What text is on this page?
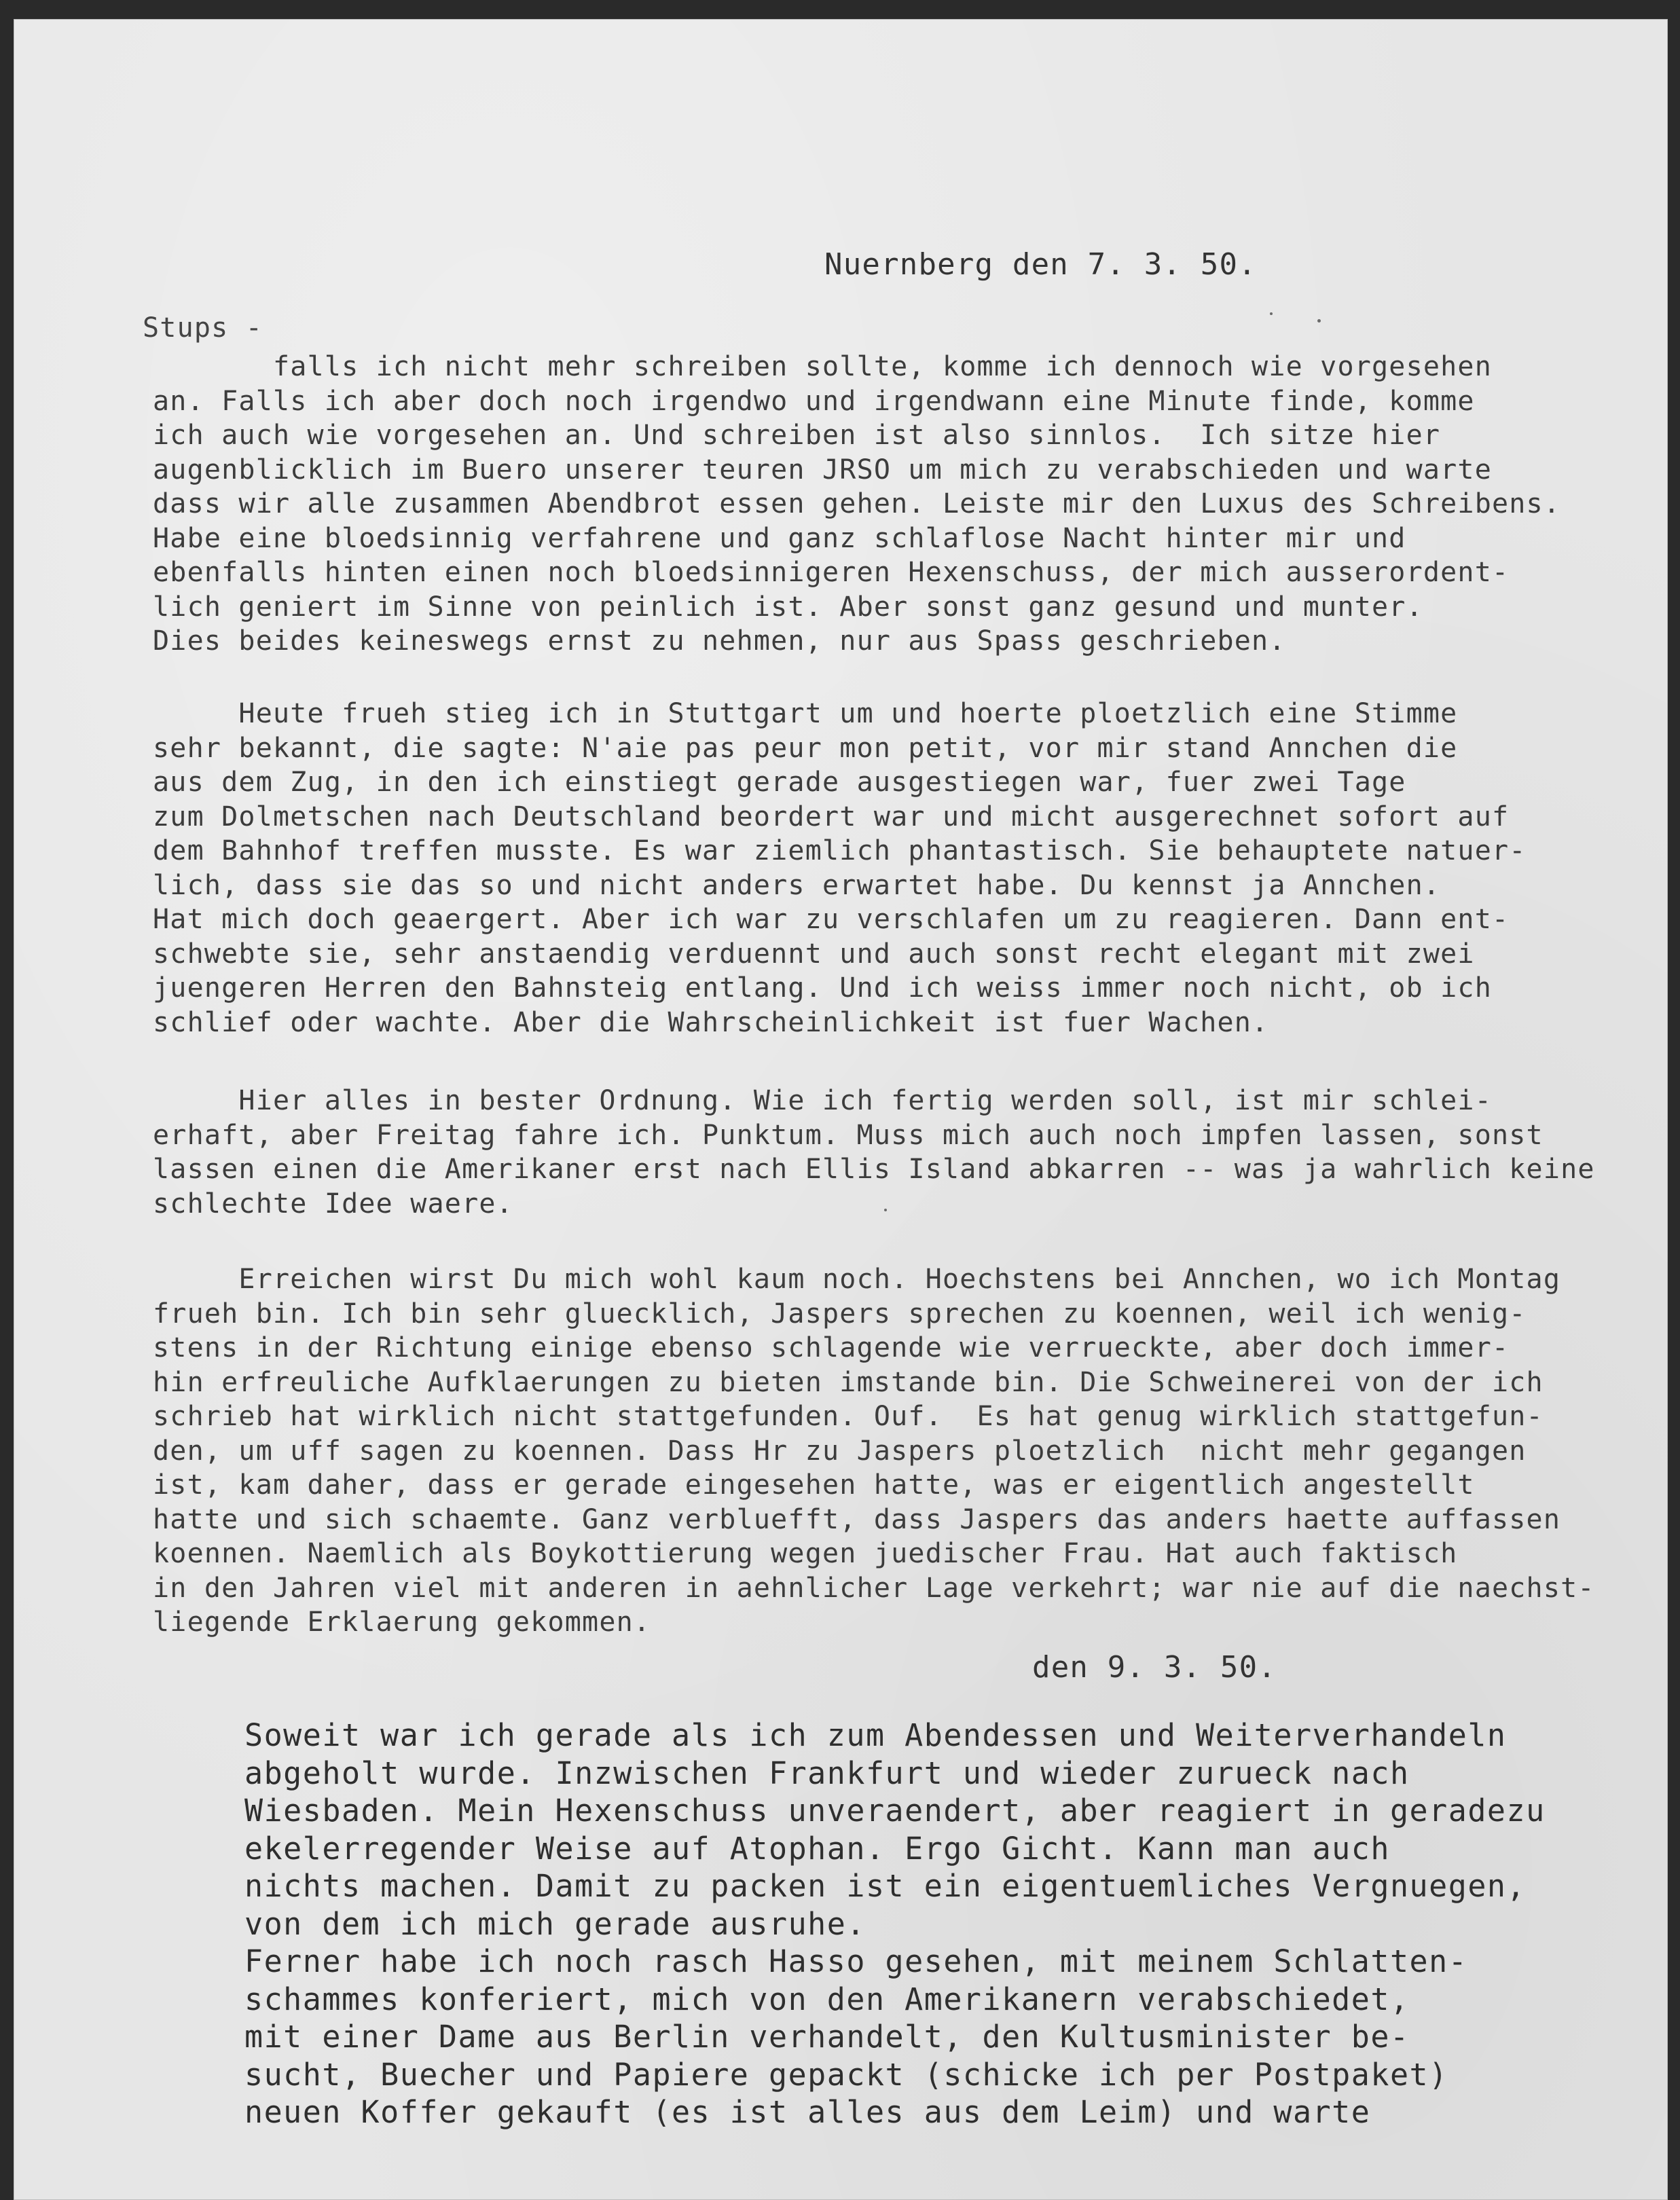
Nuernberg den 7. 3. 50.
Stups -
falls ich nicht mehr schreiben sollte, komme ich dennoch wie vorgesehen
an. Falls ich aber doch noch irgendwo und irgendwann eine Minute finde, komme
ich auch wie vorgesehen an. Und schreiben ist also sinnlos.  Ich sitze hier
augenblicklich im Buero unserer teuren JRSO um mich zu verabschieden und warte
dass wir alle zusammen Abendbrot essen gehen. Leiste mir den Luxus des Schreibens.
Habe eine bloedsinnig verfahrene und ganz schlaflose Nacht hinter mir und
ebenfalls hinten einen noch bloedsinnigeren Hexenschuss, der mich ausserordent-
lich geniert im Sinne von peinlich ist. Aber sonst ganz gesund und munter.
Dies beides keineswegs ernst zu nehmen, nur aus Spass geschrieben.
Heute frueh stieg ich in Stuttgart um und hoerte ploetzlich eine Stimme
sehr bekannt, die sagte: N'aie pas peur mon petit, vor mir stand Annchen die
aus dem Zug, in den ich einstiegt gerade ausgestiegen war, fuer zwei Tage
zum Dolmetschen nach Deutschland beordert war und micht ausgerechnet sofort auf
dem Bahnhof treffen musste. Es war ziemlich phantastisch. Sie behauptete natuer-
lich, dass sie das so und nicht anders erwartet habe. Du kennst ja Annchen.
Hat mich doch geaergert. Aber ich war zu verschlafen um zu reagieren. Dann ent-
schwebte sie, sehr anstaendig verduennt und auch sonst recht elegant mit zwei
juengeren Herren den Bahnsteig entlang. Und ich weiss immer noch nicht, ob ich
schlief oder wachte. Aber die Wahrscheinlichkeit ist fuer Wachen.
Hier alles in bester Ordnung. Wie ich fertig werden soll, ist mir schlei-
erhaft, aber Freitag fahre ich. Punktum. Muss mich auch noch impfen lassen, sonst
lassen einen die Amerikaner erst nach Ellis Island abkarren -- was ja wahrlich keine
schlechte Idee waere.
Erreichen wirst Du mich wohl kaum noch. Hoechstens bei Annchen, wo ich Montag
frueh bin. Ich bin sehr gluecklich, Jaspers sprechen zu koennen, weil ich wenig-
stens in der Richtung einige ebenso schlagende wie verrueckte, aber doch immer-
hin erfreuliche Aufklaerungen zu bieten imstande bin. Die Schweinerei von der ich
schrieb hat wirklich nicht stattgefunden. Ouf.  Es hat genug wirklich stattgefun-
den, um uff sagen zu koennen. Dass Hr zu Jaspers ploetzlich  nicht mehr gegangen
ist, kam daher, dass er gerade eingesehen hatte, was er eigentlich angestellt
hatte und sich schaemte. Ganz verbluefft, dass Jaspers das anders haette auffassen
koennen. Naemlich als Boykottierung wegen juedischer Frau. Hat auch faktisch
in den Jahren viel mit anderen in aehnlicher Lage verkehrt; war nie auf die naechst-
liegende Erklaerung gekommen.
den 9. 3. 50.
Soweit war ich gerade als ich zum Abendessen und Weiterverhandeln
abgeholt wurde. Inzwischen Frankfurt und wieder zurueck nach
Wiesbaden. Mein Hexenschuss unveraendert, aber reagiert in geradezu
ekelerregender Weise auf Atophan. Ergo Gicht. Kann man auch
nichts machen. Damit zu packen ist ein eigentuemliches Vergnuegen,
von dem ich mich gerade ausruhe.
Ferner habe ich noch rasch Hasso gesehen, mit meinem Schlatten-
schammes konferiert, mich von den Amerikanern verabschiedet,
mit einer Dame aus Berlin verhandelt, den Kultusminister be-
sucht, Buecher und Papiere gepackt (schicke ich per Postpaket)
neuen Koffer gekauft (es ist alles aus dem Leim) und warte
